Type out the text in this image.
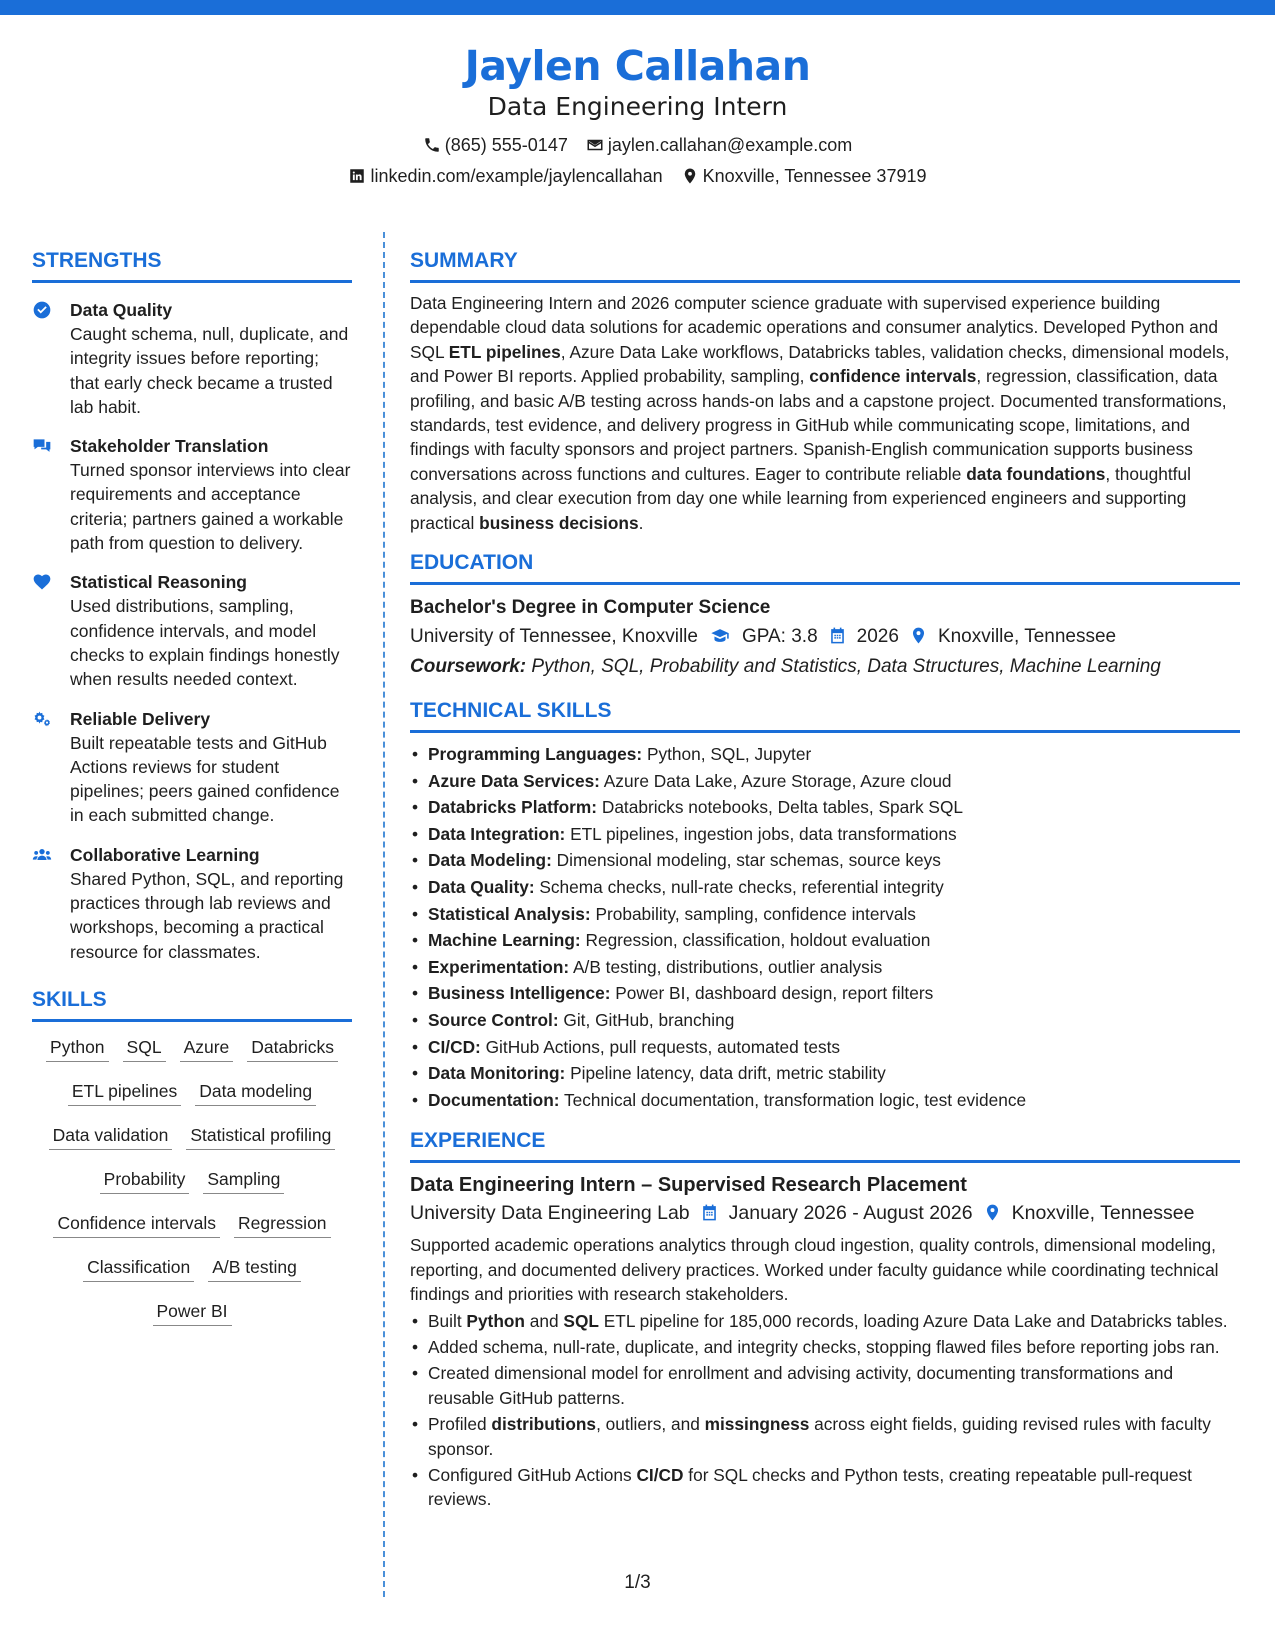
Jaylen Callahan
Data Engineering Intern
(865) 555-0147 jaylen.callahan@example.com
linkedin.com/example/jaylencallahan Knoxville, Tennessee 37919
STRENGTHS
Data Quality
Caught schema, null, duplicate, and integrity issues before reporting; that early check became a trusted lab habit.
Stakeholder Translation
Turned sponsor interviews into clear requirements and acceptance criteria; partners gained a workable path from question to delivery.
Statistical Reasoning
Used distributions, sampling, confidence intervals, and model checks to explain findings honestly when results needed context.
Reliable Delivery
Built repeatable tests and GitHub Actions reviews for student pipelines; peers gained confidence in each submitted change.
Collaborative Learning
Shared Python, SQL, and reporting practices through lab reviews and workshops, becoming a practical resource for classmates.
SKILLS
Python SQL Azure Databricks
ETL pipelines Data modeling
Data validation Statistical profiling
Probability Sampling
Confidence intervals Regression
Classification A/B testing
Power BI
SUMMARY
Data Engineering Intern and 2026 computer science graduate with supervised experience building dependable cloud data solutions for academic operations and consumer analytics. Developed Python and SQL ETL pipelines, Azure Data Lake workflows, Databricks tables, validation checks, dimensional models, and Power BI reports. Applied probability, sampling, confidence intervals, regression, classification, data profiling, and basic A/B testing across hands-on labs and a capstone project. Documented transformations, standards, test evidence, and delivery progress in GitHub while communicating scope, limitations, and findings with faculty sponsors and project partners. Spanish-English communication supports business conversations across functions and cultures. Eager to contribute reliable data foundations, thoughtful analysis, and clear execution from day one while learning from experienced engineers and supporting practical business decisions.
EDUCATION
Bachelor's Degree in Computer Science
University of Tennessee, Knoxville GPA: 3.8 2026 Knoxville, Tennessee
Coursework: Python, SQL, Probability and Statistics, Data Structures, Machine Learning
TECHNICAL SKILLS
• Programming Languages: Python, SQL, Jupyter
• Azure Data Services: Azure Data Lake, Azure Storage, Azure cloud
• Databricks Platform: Databricks notebooks, Delta tables, Spark SQL
• Data Integration: ETL pipelines, ingestion jobs, data transformations
• Data Modeling: Dimensional modeling, star schemas, source keys
• Data Quality: Schema checks, null-rate checks, referential integrity
• Statistical Analysis: Probability, sampling, confidence intervals
• Machine Learning: Regression, classification, holdout evaluation
• Experimentation: A/B testing, distributions, outlier analysis
• Business Intelligence: Power BI, dashboard design, report filters
• Source Control: Git, GitHub, branching
• CI/CD: GitHub Actions, pull requests, automated tests
• Data Monitoring: Pipeline latency, data drift, metric stability
• Documentation: Technical documentation, transformation logic, test evidence
EXPERIENCE
Data Engineering Intern – Supervised Research Placement
University Data Engineering Lab January 2026 - August 2026 Knoxville, Tennessee
Supported academic operations analytics through cloud ingestion, quality controls, dimensional modeling, reporting, and documented delivery practices. Worked under faculty guidance while coordinating technical findings and priorities with research stakeholders.
• Built Python and SQL ETL pipeline for 185,000 records, loading Azure Data Lake and Databricks tables.
• Added schema, null-rate, duplicate, and integrity checks, stopping flawed files before reporting jobs ran.
• Created dimensional model for enrollment and advising activity, documenting transformations and reusable GitHub patterns.
• Profiled distributions, outliers, and missingness across eight fields, guiding revised rules with faculty sponsor.
• Configured GitHub Actions CI/CD for SQL checks and Python tests, creating repeatable pull-request reviews.
1/3
